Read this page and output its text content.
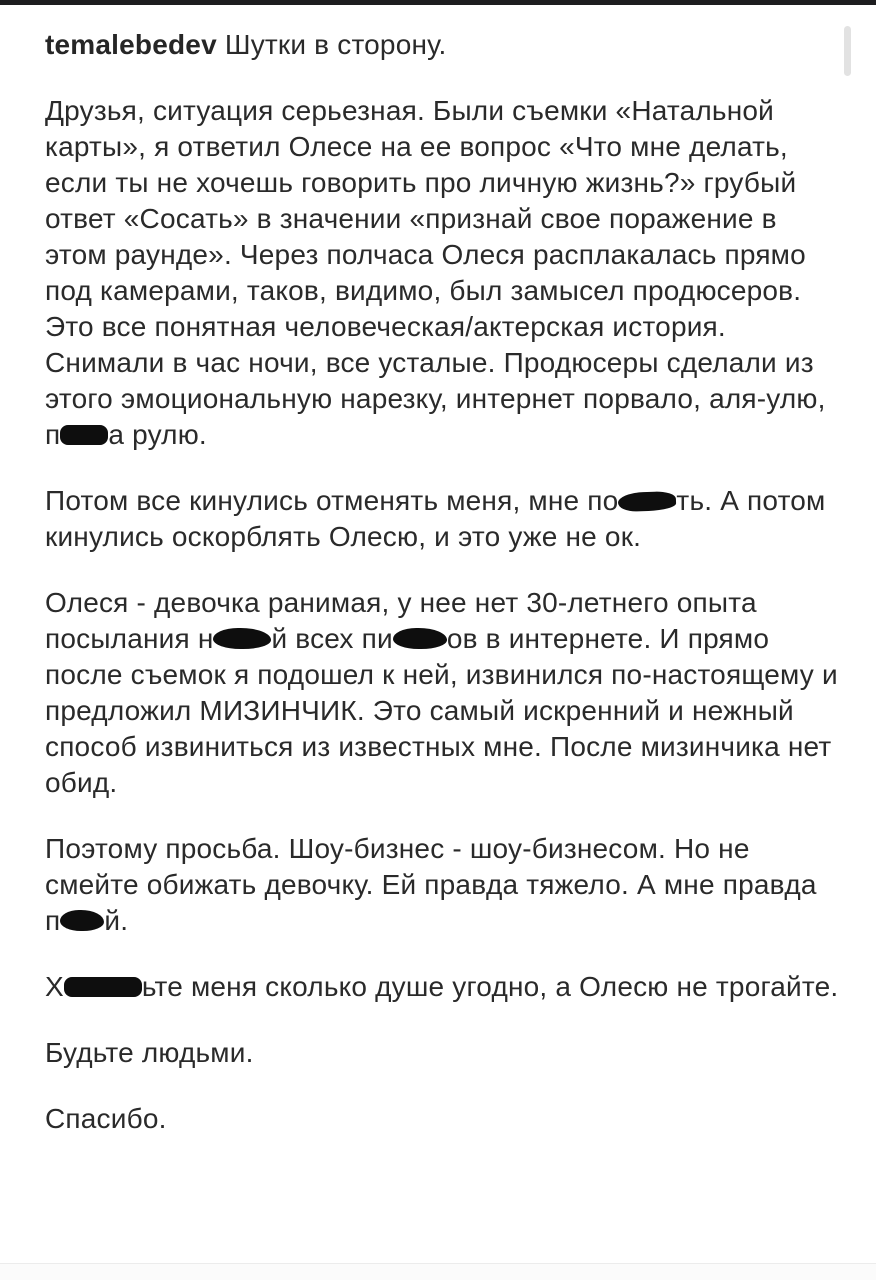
temalebedev Шутки в сторону.

Друзья, ситуация серьезная. Были съемки «Натальной карты», я ответил Олесе на ее вопрос «Что мне делать, если ты не хочешь говорить про личную жизнь?» грубый ответ «Сосать» в значении «признай свое поражение в этом раунде». Через полчаса Олеся расплакалась прямо под камерами, таков, видимо, был замысел продюсеров. Это все понятная человеческая/актерская история. Снимали в час ночи, все усталые. Продюсеры сделали из этого эмоциональную нарезку, интернет порвало, аля-улю, п а рулю.

Потом все кинулись отменять меня, мне по ть. А потом кинулись оскорблять Олесю, и это уже не ок.

Олеся - девочка ранимая, у нее нет 30-летнего опыта посылания н й всех пи ов в интернете. И прямо после съемок я подошел к ней, извинился по-настоящему и предложил МИЗИНЧИК. Это самый искренний и нежный способ извиниться из известных мне. После мизинчика нет обид.

Поэтому просьба. Шоу-бизнес - шоу-бизнесом. Но не смейте обижать девочку. Ей правда тяжело. А мне правда п й.

Х	ьте меня сколько душе угодно, а Олесю не трогайте.

Будьте людьми.

Спасибо.
